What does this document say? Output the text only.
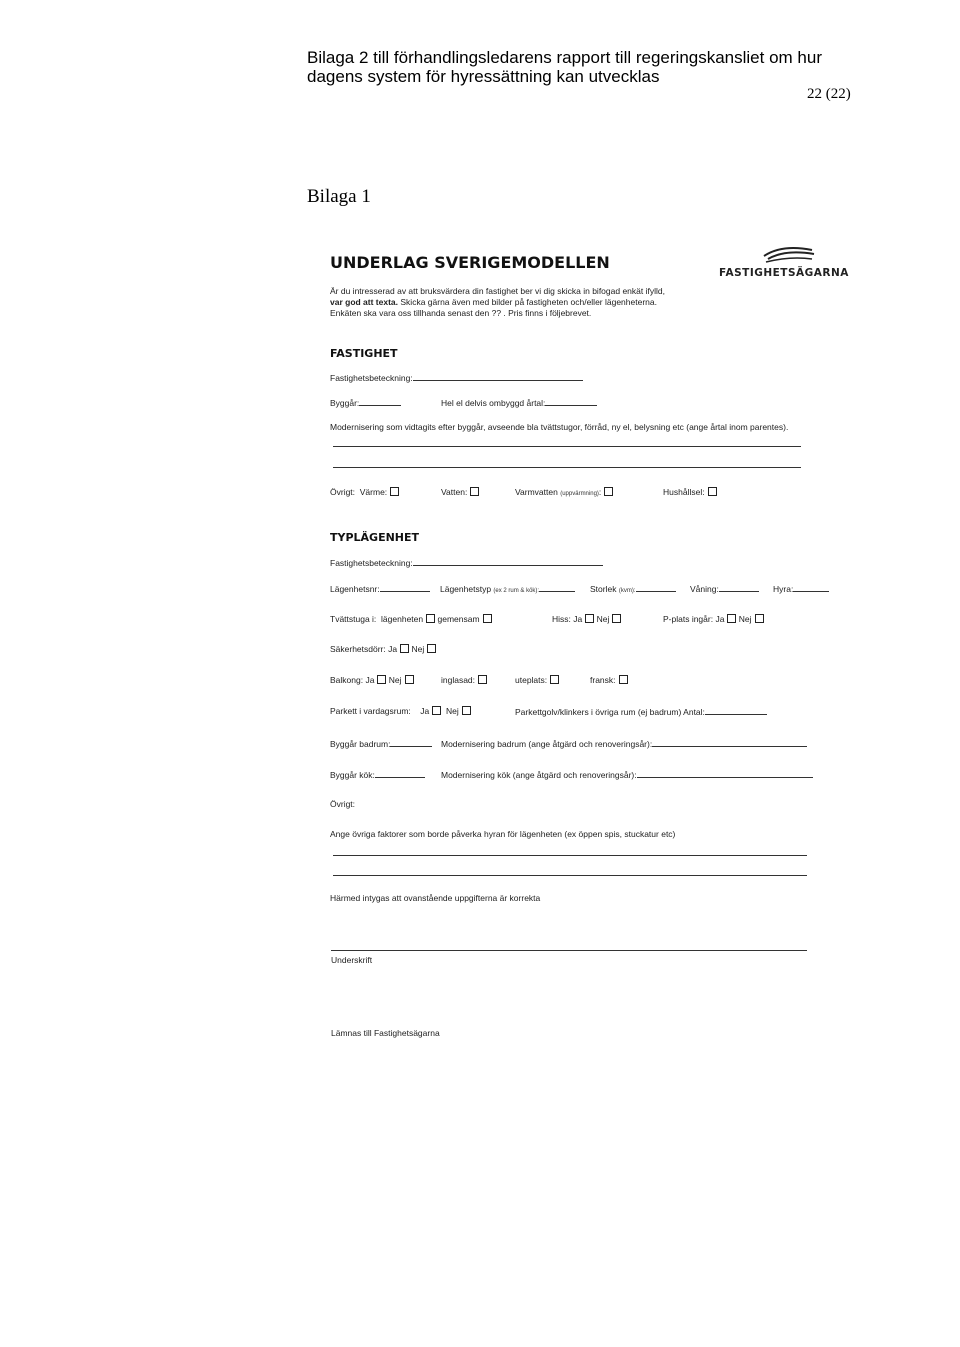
Bilaga 2 till förhandlingsledarens rapport till regeringskansliet om hur
dagens system för hyressättning kan utvecklas
22 (22)
Bilaga 1
UNDERLAG SVERIGEMODELLEN
FASTIGHETSÄGARNA
Är du intresserad av att bruksvärdera din fastighet ber vi dig skicka in bifogad enkät ifylld,
var god att texta. Skicka gärna även med bilder på fastigheten och/eller lägenheterna.
Enkäten ska vara oss tillhanda senast den ?? . Pris finns i följebrevet.
FASTIGHET
Fastighetsbeteckning:
Byggår:	Hel el delvis ombyggd årtal:
Modernisering som vidtagits efter byggår, avseende bla tvättstugor, förråd, ny el, belysning etc (ange årtal inom parentes).
Övrigt: Värme:	Vatten:	Varmvatten (uppvärmning):	Hushållsel:
TYPLÄGENHET
Fastighetsbeteckning:
Lägenhetsnr:	Lägenhetstyp (ex 2 rum & kök):	Storlek (kvm):	Våning:	Hyra:
Tvättstuga i: lägenheten gemensam	Hiss: Ja Nej	P-plats ingår: Ja Nej
Säkerhetsdörr: Ja Nej
Balkong: Ja Nej	inglasad:	uteplats:	fransk:
Parkett i vardagsrum: Ja Nej	Parkettgolv/klinkers i övriga rum (ej badrum) Antal:
Byggår badrum:	Modernisering badrum (ange åtgärd och renoveringsår):
Byggår kök:	Modernisering kök (ange åtgärd och renoveringsår):
Övrigt:
Ange övriga faktorer som borde påverka hyran för lägenheten (ex öppen spis, stuckatur etc)
Härmed intygas att ovanstående uppgifterna är korrekta
Underskrift
Lämnas till Fastighetsägarna
